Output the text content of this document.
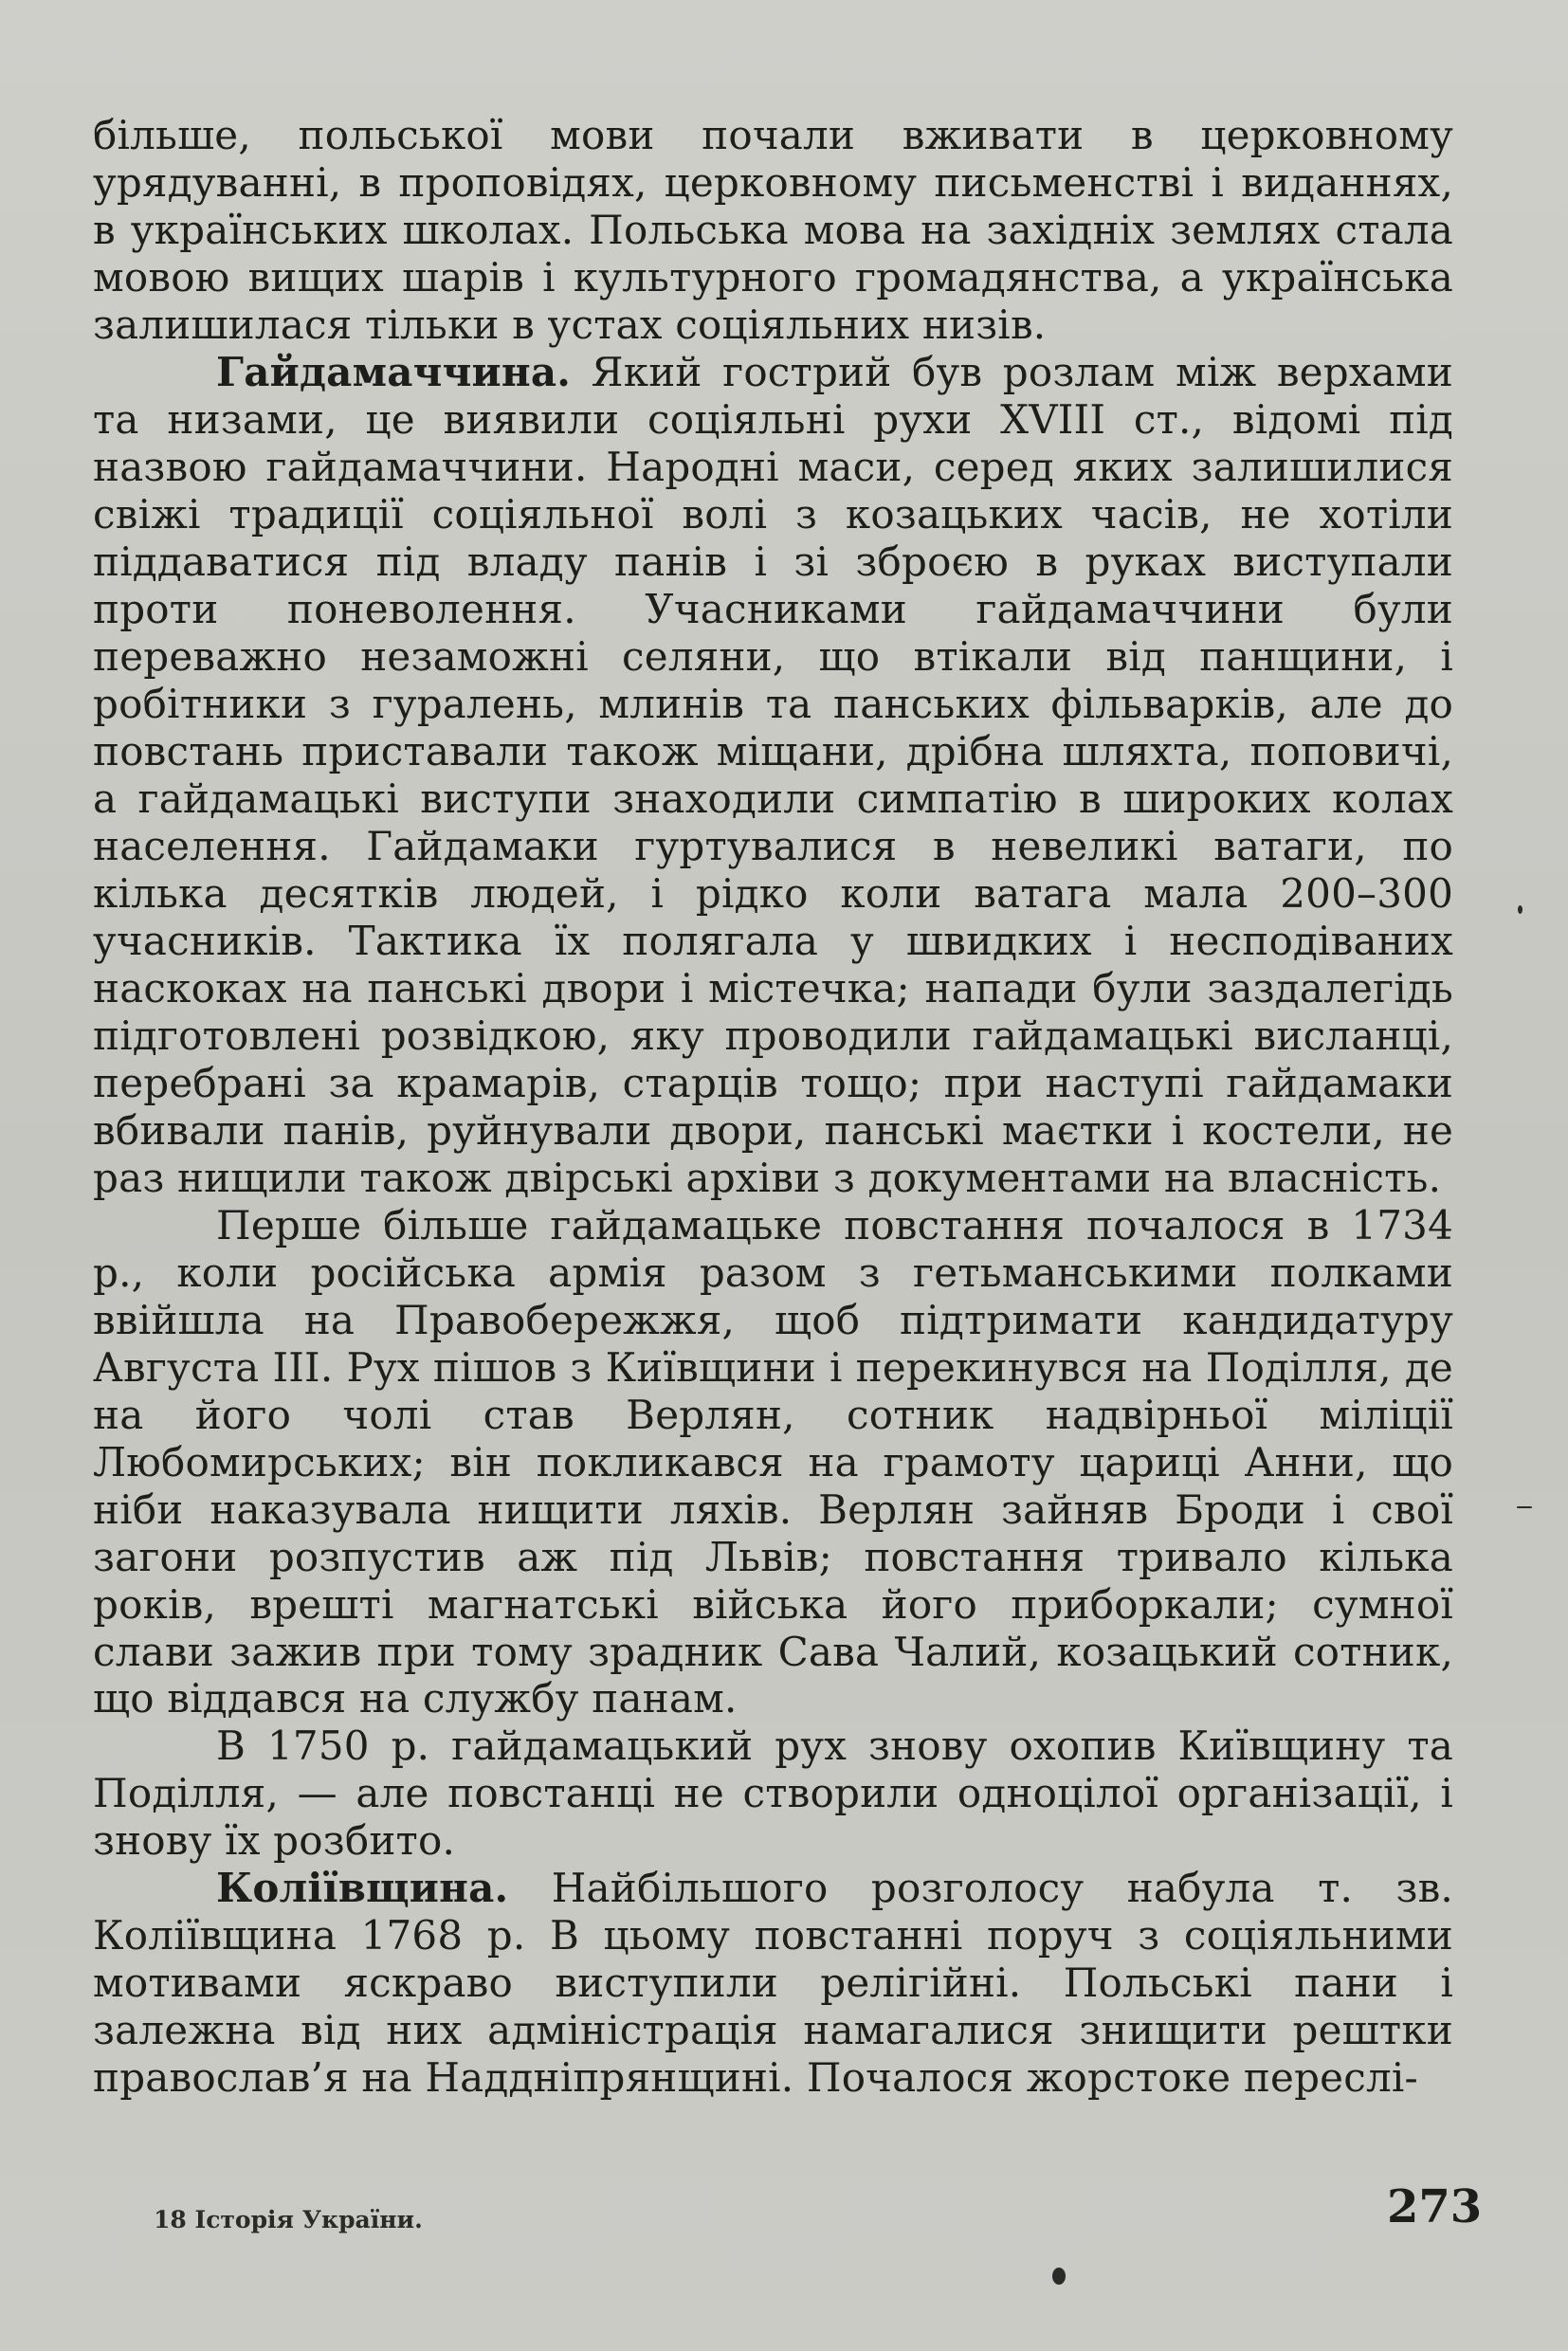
більше, польської мови почали вживати в церковному урядуванні, в проповідях, церковному письменстві і виданнях, в українських школах. Польська мова на західніх землях стала мовою вищих шарів і культурного громадянства, а українська залишилася тільки в устах соціяльних низів.

Гайдамаччина. Який гострий був розлам між верхами та низами, це виявили соціяльні рухи XVIII ст., відомі під назвою гайдамаччини. Народні маси, серед яких залишилися свіжі традиції соціяльної волі з козацьких часів, не хотіли піддаватися під владу панів і зі зброєю в руках виступали проти поневолення. Учасниками гайдамаччини були переважно незаможні селяни, що втікали від панщини, і робітники з гуралень, млинів та панських фільварків, але до повстань приставали також міщани, дрібна шляхта, поповичі, а гайдамацькі виступи знаходили симпатію в широких колах населення. Гайдамаки гуртувалися в невеликі ватаги, по кілька десятків людей, і рідко коли ватага мала 200–300 учасників. Тактика їх полягала у швидких і несподіваних наскоках на панські двори і містечка; напади були заздалегідь підготовлені розвідкою, яку проводили гайдамацькі висланці, перебрані за крамарів, старців тощо; при наступі гайдамаки вбивали панів, руйнували двори, панські маєтки і костели, не раз нищили також двірські архіви з документами на власність.

Перше більше гайдамацьке повстання почалося в 1734 р., коли російська армія разом з гетьманськими полками ввійшла на Правобережжя, щоб підтримати кандидатуру Августа III. Рух пішов з Київщини і перекинувся на Поділля, де на його чолі став Верлян, сотник надвірньої міліції Любомирських; він покликався на грамоту цариці Анни, що ніби наказувала нищити ляхів. Верлян зайняв Броди і свої загони розпустив аж під Львів; повстання тривало кілька років, врешті магнатські війська його приборкали; сумної слави зажив при тому зрадник Сава Чалий, козацький сотник, що віддався на службу панам.

В 1750 р. гайдамацький рух знову охопив Київщину та Поділля, — але повстанці не створили одноцілої організації, і знову їх розбито.

Коліївщина. Найбільшого розголосу набула т. зв. Коліївщина 1768 р. В цьому повстанні поруч з соціяльними мотивами яскраво виступили релігійні. Польські пани і залежна від них адміністрація намагалися знищити рештки православ’я на Наддніпрянщині. Почалося жорстоке переслі-

18 Історія України.	273
